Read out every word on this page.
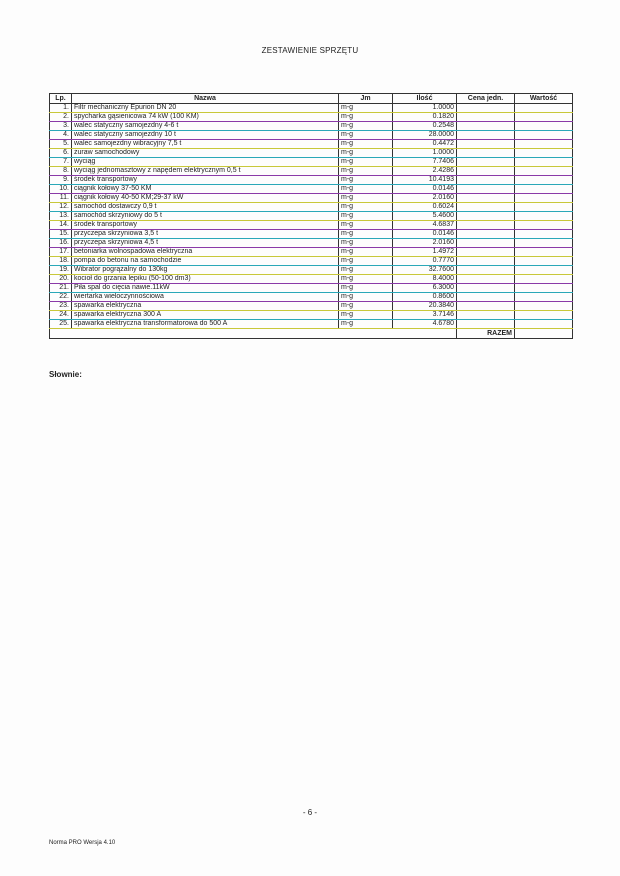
ZESTAWIENIE SPRZĘTU
Lp.	Nazwa	Jm	Ilość	Cena jedn.	Wartość
1.	Filtr mechaniczny Epurion DN 20	m-g	1.0000		
2.	spycharka gąsienicowa 74 kW (100 KM)	m-g	0.1820		
3.	walec statyczny samojezdny 4-6 t	m-g	0.2548		
4.	walec statyczny samojezdny 10 t	m-g	28.0000		
5.	walec samojezdny wibracyjny 7,5 t	m-g	0.4472		
6.	żuraw samochodowy	m-g	1.0000		
7.	wyciąg	m-g	7.7406		
8.	wyciąg jednomasztowy z napędem elektrycznym 0,5 t	m-g	2.4286		
9.	środek transportowy	m-g	10.4193		
10.	ciągnik kołowy 37-50 KM	m-g	0.0146		
11.	ciągnik kołowy 40-50 KM;29-37 kW	m-g	2.0160		
12.	samochód dostawczy 0,9 t	m-g	0.6024		
13.	samochód skrzyniowy do 5 t	m-g	5.4600		
14.	środek transportowy	m-g	4.6837		
15.	przyczepa skrzyniowa 3,5 t	m-g	0.0146		
16.	przyczepa skrzyniowa 4,5 t	m-g	2.0160		
17.	betoniarka wolnospadowa elektryczna	m-g	1.4972		
18.	pompa do betonu na samochodzie	m-g	0.7770		
19.	Wibrator pogrążalny do 130kg	m-g	32.7600		
20.	kocioł do grzania lepiku (50-100 dm3)	m-g	8.4000		
21.	Piła spal do cięcia nawie.11kW	m-g	6.3000		
22.	wiertarka wieloczynnościowa	m-g	0.8600		
23.	spawarka elektryczna	m-g	20.3840		
24.	spawarka elektryczna 300 A	m-g	3.7146		
25.	spawarka elektryczna transformatorowa do 500 A	m-g	4.6780		
				RAZEM	
Słownie:
- 6 -
Norma PRO Wersja 4.10
